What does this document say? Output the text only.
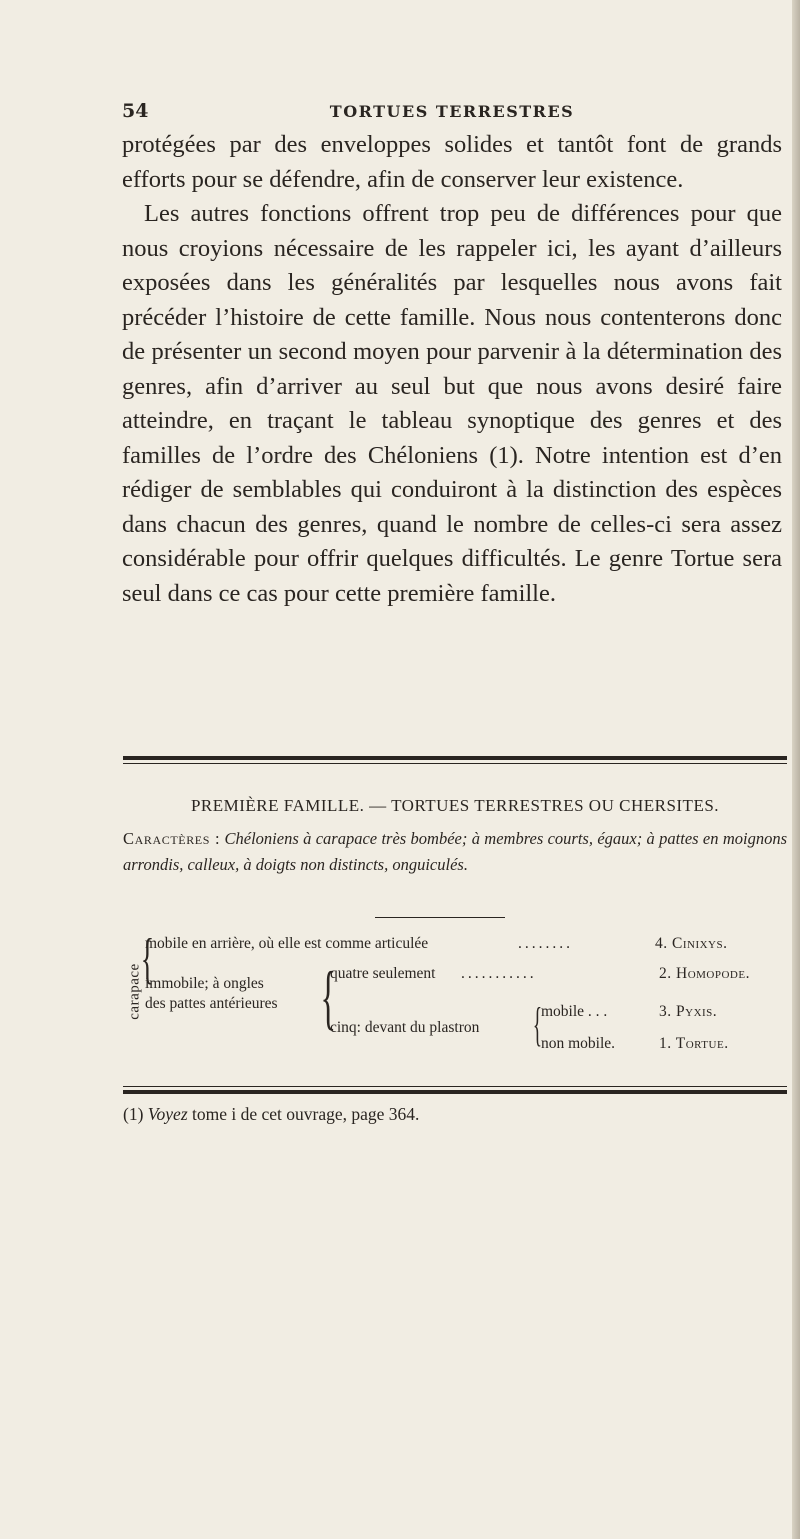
54	TORTUES TERRESTRES

protégées par des enveloppes solides et tantôt font de grands efforts pour se défendre, afin de conserver leur existence.

Les autres fonctions offrent trop peu de différences pour que nous croyions nécessaire de les rappeler ici, les ayant d’ailleurs exposées dans les généralités par lesquelles nous avons fait précéder l’histoire de cette famille. Nous nous contenterons donc de présenter un second moyen pour parvenir à la détermination des genres, afin d’arriver au seul but que nous avons desiré faire atteindre, en traçant le tableau synoptique des genres et des familles de l’ordre des Chéloniens (1). Notre intention est d’en rédiger de semblables qui conduiront à la distinction des espèces dans chacun des genres, quand le nombre de celles-ci sera assez considérable pour offrir quelques difficultés. Le genre Tortue sera seul dans ce cas pour cette première famille.

PREMIÈRE FAMILLE. — TORTUES TERRESTRES OU CHERSITES.
Caractères : Chéloniens à carapace très bombée; à membres courts, égaux; à pattes en moignons arrondis, calleux, à doigts non distincts, onguiculés.
carapace
{
mobile en arrière, où elle est comme articulée	........	4. Cinixys.
immobile; à ongles
des pattes antérieures {
quatre seulement ...........	2. Homopode.
cinq: devant du plastron {
mobile . . .	3. Pyxis.
non mobile.	1. Tortue.
(1) Voyez tome i de cet ouvrage, page 364.
